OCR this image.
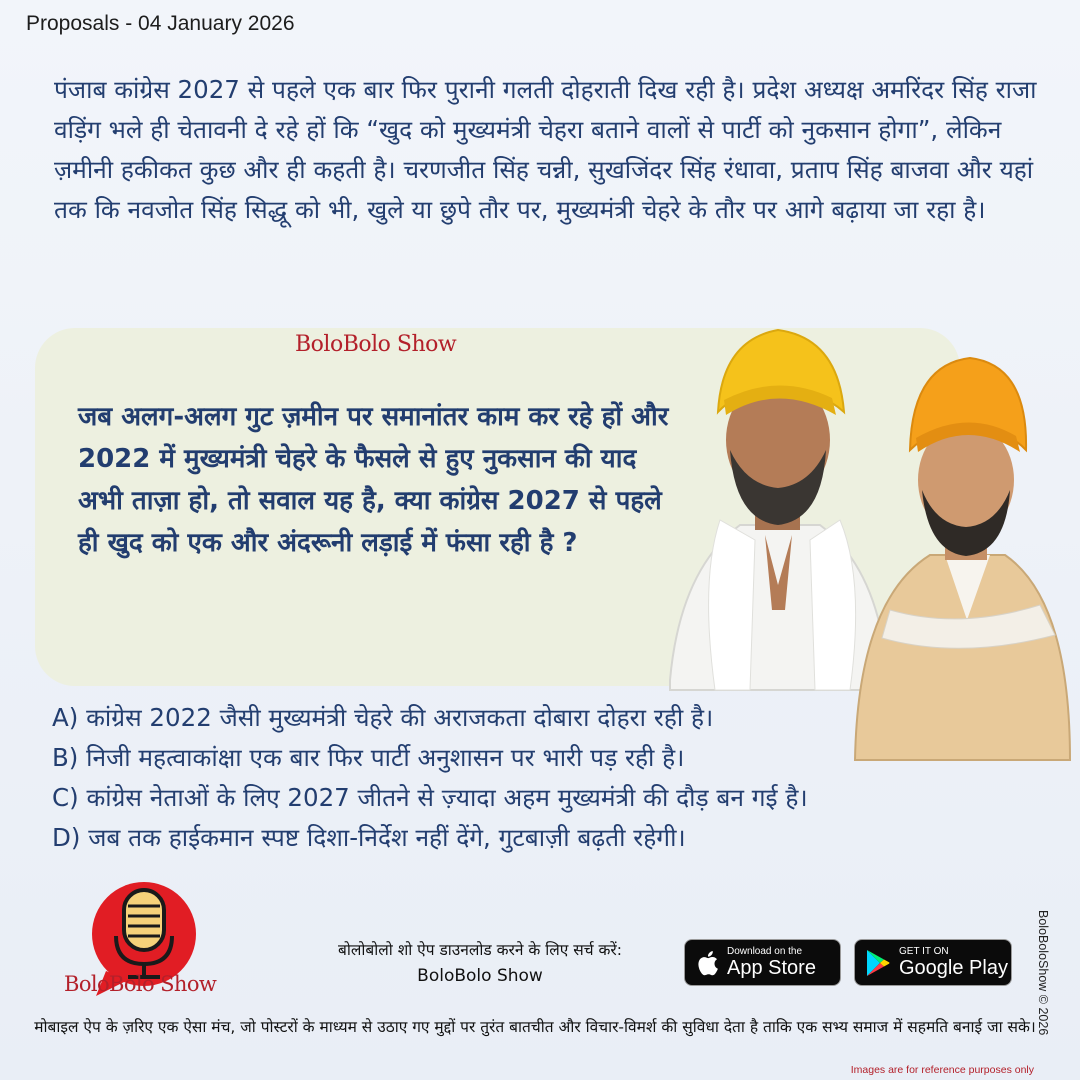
Proposals - 04 January 2026

पंजाब कांग्रेस 2027 से पहले एक बार फिर पुरानी गलती दोहराती दिख रही है। प्रदेश अध्यक्ष अमरिंदर सिंह राजा वड़िंग भले ही चेतावनी दे रहे हों कि “खुद को मुख्यमंत्री चेहरा बताने वालों से पार्टी को नुकसान होगा”, लेकिन ज़मीनी हकीकत कुछ और ही कहती है। चरणजीत सिंह चन्नी, सुखजिंदर सिंह रंधावा, प्रताप सिंह बाजवा और यहां तक कि नवजोत सिंह सिद्धू को भी, खुले या छुपे तौर पर, मुख्यमंत्री चेहरे के तौर पर आगे बढ़ाया जा रहा है।

BoloBolo Show

जब अलग-अलग गुट ज़मीन पर समानांतर काम कर रहे हों और 2022 में मुख्यमंत्री चेहरे के फैसले से हुए नुकसान की याद अभी ताज़ा हो, तो सवाल यह है, क्या कांग्रेस 2027 से पहले ही खुद को एक और अंदरूनी लड़ाई में फंसा रही है ?

A) कांग्रेस 2022 जैसी मुख्यमंत्री चेहरे की अराजकता दोबारा दोहरा रही है।
B) निजी महत्वाकांक्षा एक बार फिर पार्टी अनुशासन पर भारी पड़ रही है।
C) कांग्रेस नेताओं के लिए 2027 जीतने से ज़्यादा अहम मुख्यमंत्री की दौड़ बन गई है।
D) जब तक हाईकमान स्पष्ट दिशा-निर्देश नहीं देंगे, गुटबाज़ी बढ़ती रहेगी।
BoloBolo Show
बोलोबोलो शो ऐप डाउनलोड करने के लिए सर्च करें:
BoloBolo Show
Download on the
App Store
GET IT ON
Google Play

मोबाइल ऐप के ज़रिए एक ऐसा मंच, जो पोस्टरों के माध्यम से उठाए गए मुद्दों पर तुरंत बातचीत और विचार-विमर्श की सुविधा देता है ताकि एक सभ्य समाज में सहमति बनाई जा सके। BoloBoloShow © 2026
Images are for reference purposes only
